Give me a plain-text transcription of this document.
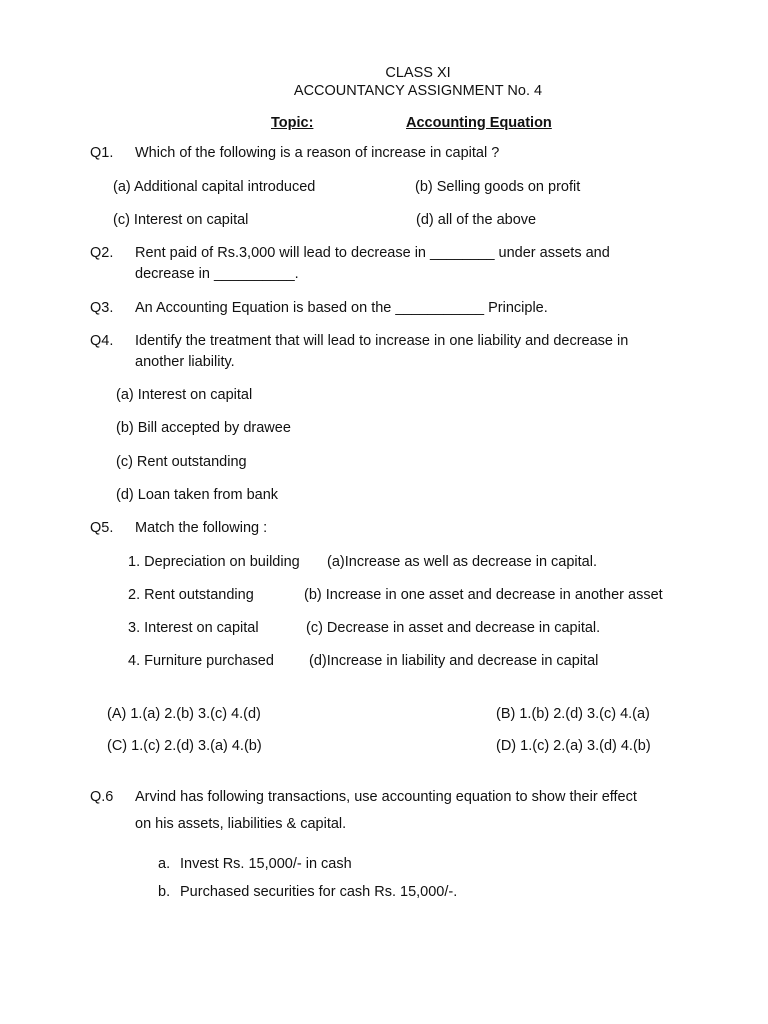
CLASS XI
ACCOUNTANCY ASSIGNMENT No. 4
Topic:	Accounting Equation
Q1. Which of the following is a reason of increase in capital ?
(a) Additional capital introduced	(b) Selling goods on profit
(c) Interest on capital	(d) all of the above
Q2. Rent paid of Rs.3,000 will lead to decrease in ________ under assets and
decrease in __________.
Q3. An Accounting Equation is based on the ___________ Principle.
Q4. Identify the treatment that will lead to increase in one liability and decrease in
another liability.
(a) Interest on capital
(b) Bill accepted by drawee
(c) Rent outstanding
(d) Loan taken from bank
Q5. Match the following :
1. Depreciation on building (a)Increase as well as decrease in capital.
2. Rent outstanding	(b) Increase in one asset and decrease in another asset
3. Interest on capital	(c) Decrease in asset and decrease in capital.
4. Furniture purchased (d)Increase in liability and decrease in capital
(A) 1.(a) 2.(b) 3.(c) 4.(d)	(B) 1.(b) 2.(d) 3.(c) 4.(a)
(C) 1.(c) 2.(d) 3.(a) 4.(b)	(D) 1.(c) 2.(a) 3.(d) 4.(b)
Q.6 Arvind has following transactions, use accounting equation to show their effect
on his assets, liabilities & capital.
a. Invest Rs. 15,000/- in cash
b. Purchased securities for cash Rs. 15,000/-.
